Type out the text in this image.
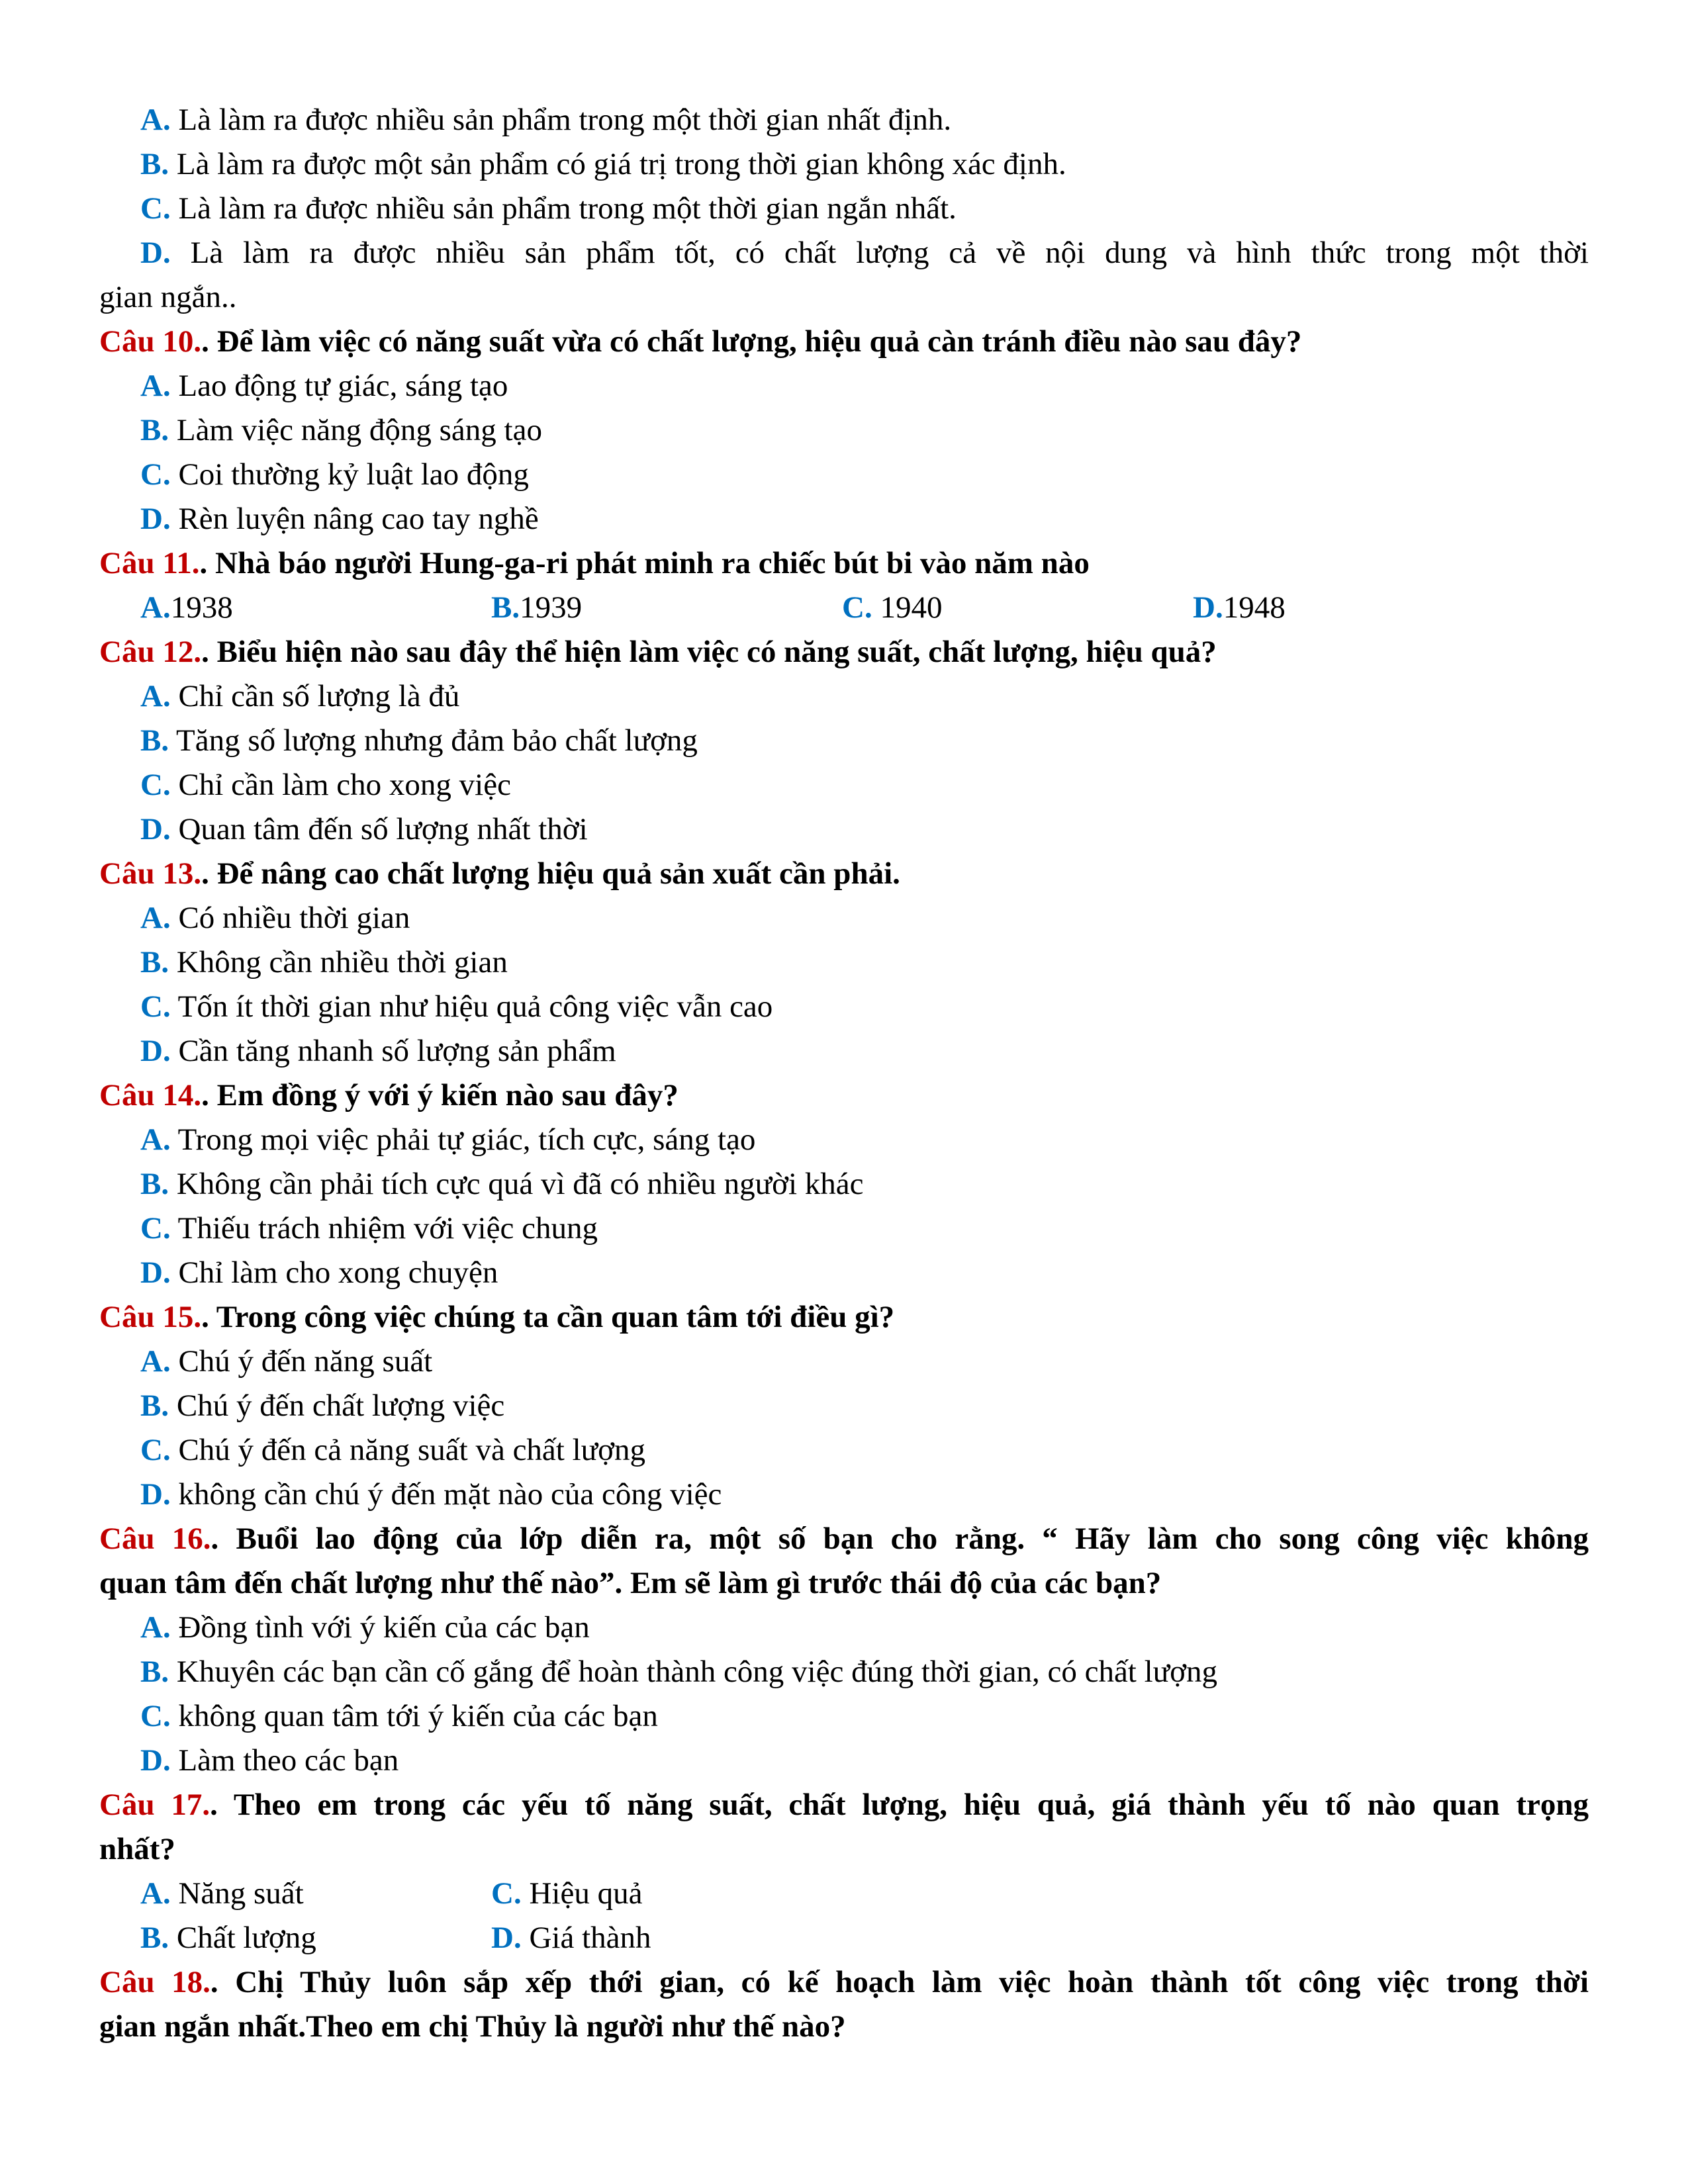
A. Là làm ra được nhiều sản phẩm trong một thời gian nhất định.
B. Là làm ra được một sản phẩm có giá trị trong thời gian không xác định.
C. Là làm ra được nhiều sản phẩm trong một thời gian ngắn nhất.
D. Là làm ra được nhiều sản phẩm tốt, có chất lượng cả về nội dung và hình thức trong một thời
gian ngắn..
Câu 10.. Để làm việc có năng suất vừa có chất lượng, hiệu quả càn tránh điều nào sau đây?
A. Lao động tự giác, sáng tạo
B. Làm việc năng động sáng tạo
C. Coi thường kỷ luật lao động
D. Rèn luyện nâng cao tay nghề
Câu 11.. Nhà báo người Hung-ga-ri phát minh ra chiếc bút bi vào năm nào
A.1938	B.1939	C. 1940	D.1948
Câu 12.. Biểu hiện nào sau đây thể hiện làm việc có năng suất, chất lượng, hiệu quả?
A. Chỉ cần số lượng là đủ
B. Tăng số lượng nhưng đảm bảo chất lượng
C. Chỉ cần làm cho xong việc
D. Quan tâm đến số lượng nhất thời
Câu 13.. Để nâng cao chất lượng hiệu quả sản xuất cần phải.
A. Có nhiều thời gian
B. Không cần nhiều thời gian
C. Tốn ít thời gian như hiệu quả công việc vẫn cao
D. Cần tăng nhanh số lượng sản phẩm
Câu 14.. Em đồng ý với ý kiến nào sau đây?
A. Trong mọi việc phải tự giác, tích cực, sáng tạo
B. Không cần phải tích cực quá vì đã có nhiều người khác
C. Thiếu trách nhiệm với việc chung
D. Chỉ làm cho xong chuyện
Câu 15.. Trong công việc chúng ta cần quan tâm tới điều gì?
A. Chú ý đến năng suất
B. Chú ý đến chất lượng việc
C. Chú ý đến cả năng suất và chất lượng
D. không cần chú ý đến mặt nào của công việc
Câu 16.. Buổi lao động của lớp diễn ra, một số bạn cho rằng. “ Hãy làm cho song công việc không
quan tâm đến chất lượng như thế nào”. Em sẽ làm gì trước thái độ của các bạn?
A. Đồng tình với ý kiến của các bạn
B. Khuyên các bạn cần cố gắng để hoàn thành công việc đúng thời gian, có chất lượng
C. không quan tâm tới ý kiến của các bạn
D. Làm theo các bạn
Câu 17.. Theo em trong các yếu tố năng suất, chất lượng, hiệu quả, giá thành yếu tố nào quan trọng
nhất?
A. Năng suất	C. Hiệu quả
B. Chất lượng	D. Giá thành
Câu 18.. Chị Thủy luôn sắp xếp thới gian, có kế hoạch làm việc hoàn thành tốt công việc trong thời
gian ngắn nhất.Theo em chị Thủy là người như thế nào?
